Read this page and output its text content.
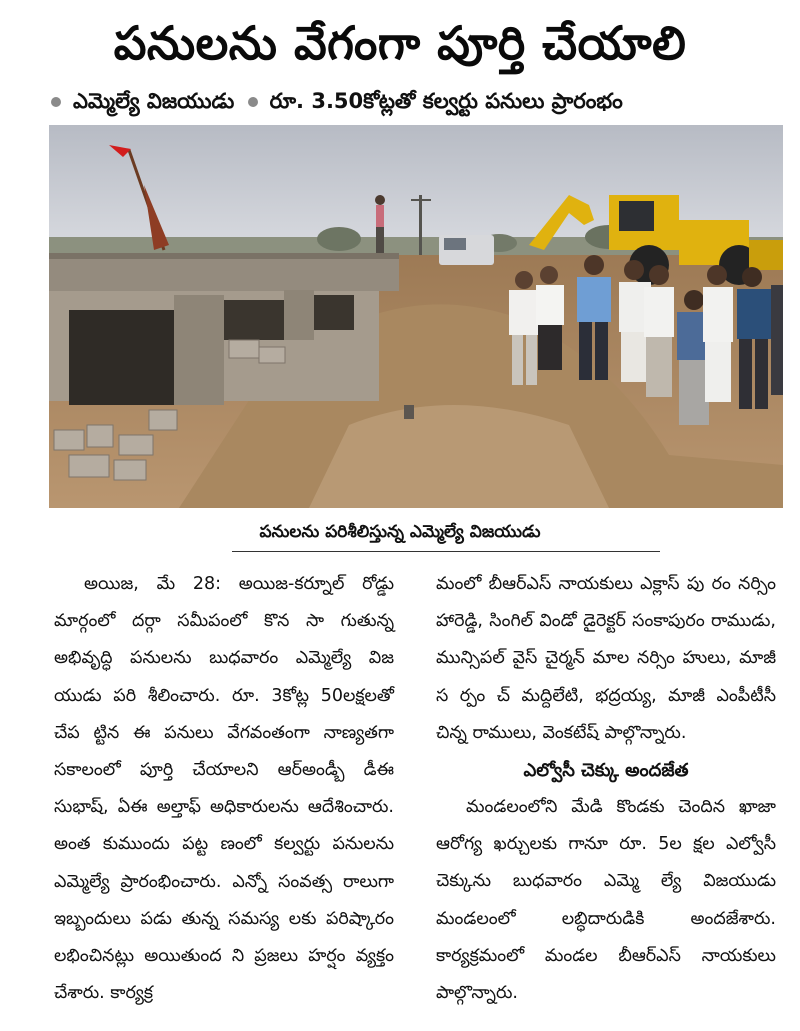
పనులను వేగంగా పూర్తి చేయాలి
ఎమ్మెల్యే విజయుడు రూ. 3.50కోట్లతో కల్వర్టు పనులు ప్రారంభం
పనులను పరిశీలిస్తున్న ఎమ్మెల్యే విజయుడు

అయిజ, మే 28: అయిజ-కర్నూల్ రోడ్డు మార్గంలో దర్గా సమీపంలో కొన సా గుతున్న అభివృద్ధి పనులను బుధవారం ఎమ్మెల్యే విజ యుడు పరి శీలించారు. రూ. 3కోట్ల 50లక్షలతో చేప ట్టిన ఈ పనులు వేగవంతంగా నాణ్యతగా సకాలంలో పూర్తి చేయాలని ఆర్అండ్బీ డీఈ సుభాష్, ఏఈ అల్తాఫ్ అధికారులను ఆదేశించారు. అంత కుముందు పట్ట ణంలో కల్వర్టు పనులను ఎమ్మెల్యే ప్రారంభించారు. ఎన్నో సంవత్స రాలుగా ఇబ్బందులు పడు తున్న సమస్య లకు పరిష్కారం లభించినట్లు అయితుంద ని ప్రజలు హర్షం వ్యక్తం చేశారు. కార్యక్ర

మంలో బీఆర్ఎస్ నాయకులు ఎక్లాస్ పు రం నర్సిం హారెడ్డి, సింగిల్ విండో డైరెక్టర్ సంకాపురం రాముడు, మున్సిపల్ వైస్ చైర్మన్ మాల నర్సిం హులు, మాజీ స ర్పం చ్ మద్దిలేటి, భద్రయ్య, మాజీ ఎంపీటీసీ చిన్న రాములు, వెంకటేష్ పాల్గొన్నారు.

ఎల్వోసీ చెక్కు అందజేత

మండలంలోని మేడి కొండకు చెందిన ఖాజా ఆరోగ్య ఖర్చులకు గానూ రూ. 5ల క్షల ఎల్వోసీ చెక్కును బుధవారం ఎమ్మె ల్యే విజయుడు మండలంలో లబ్ధిదారుడికి అందజేశారు. కార్యక్రమంలో మండల బీఆర్ఎస్ నాయకులు పాల్గొన్నారు.
